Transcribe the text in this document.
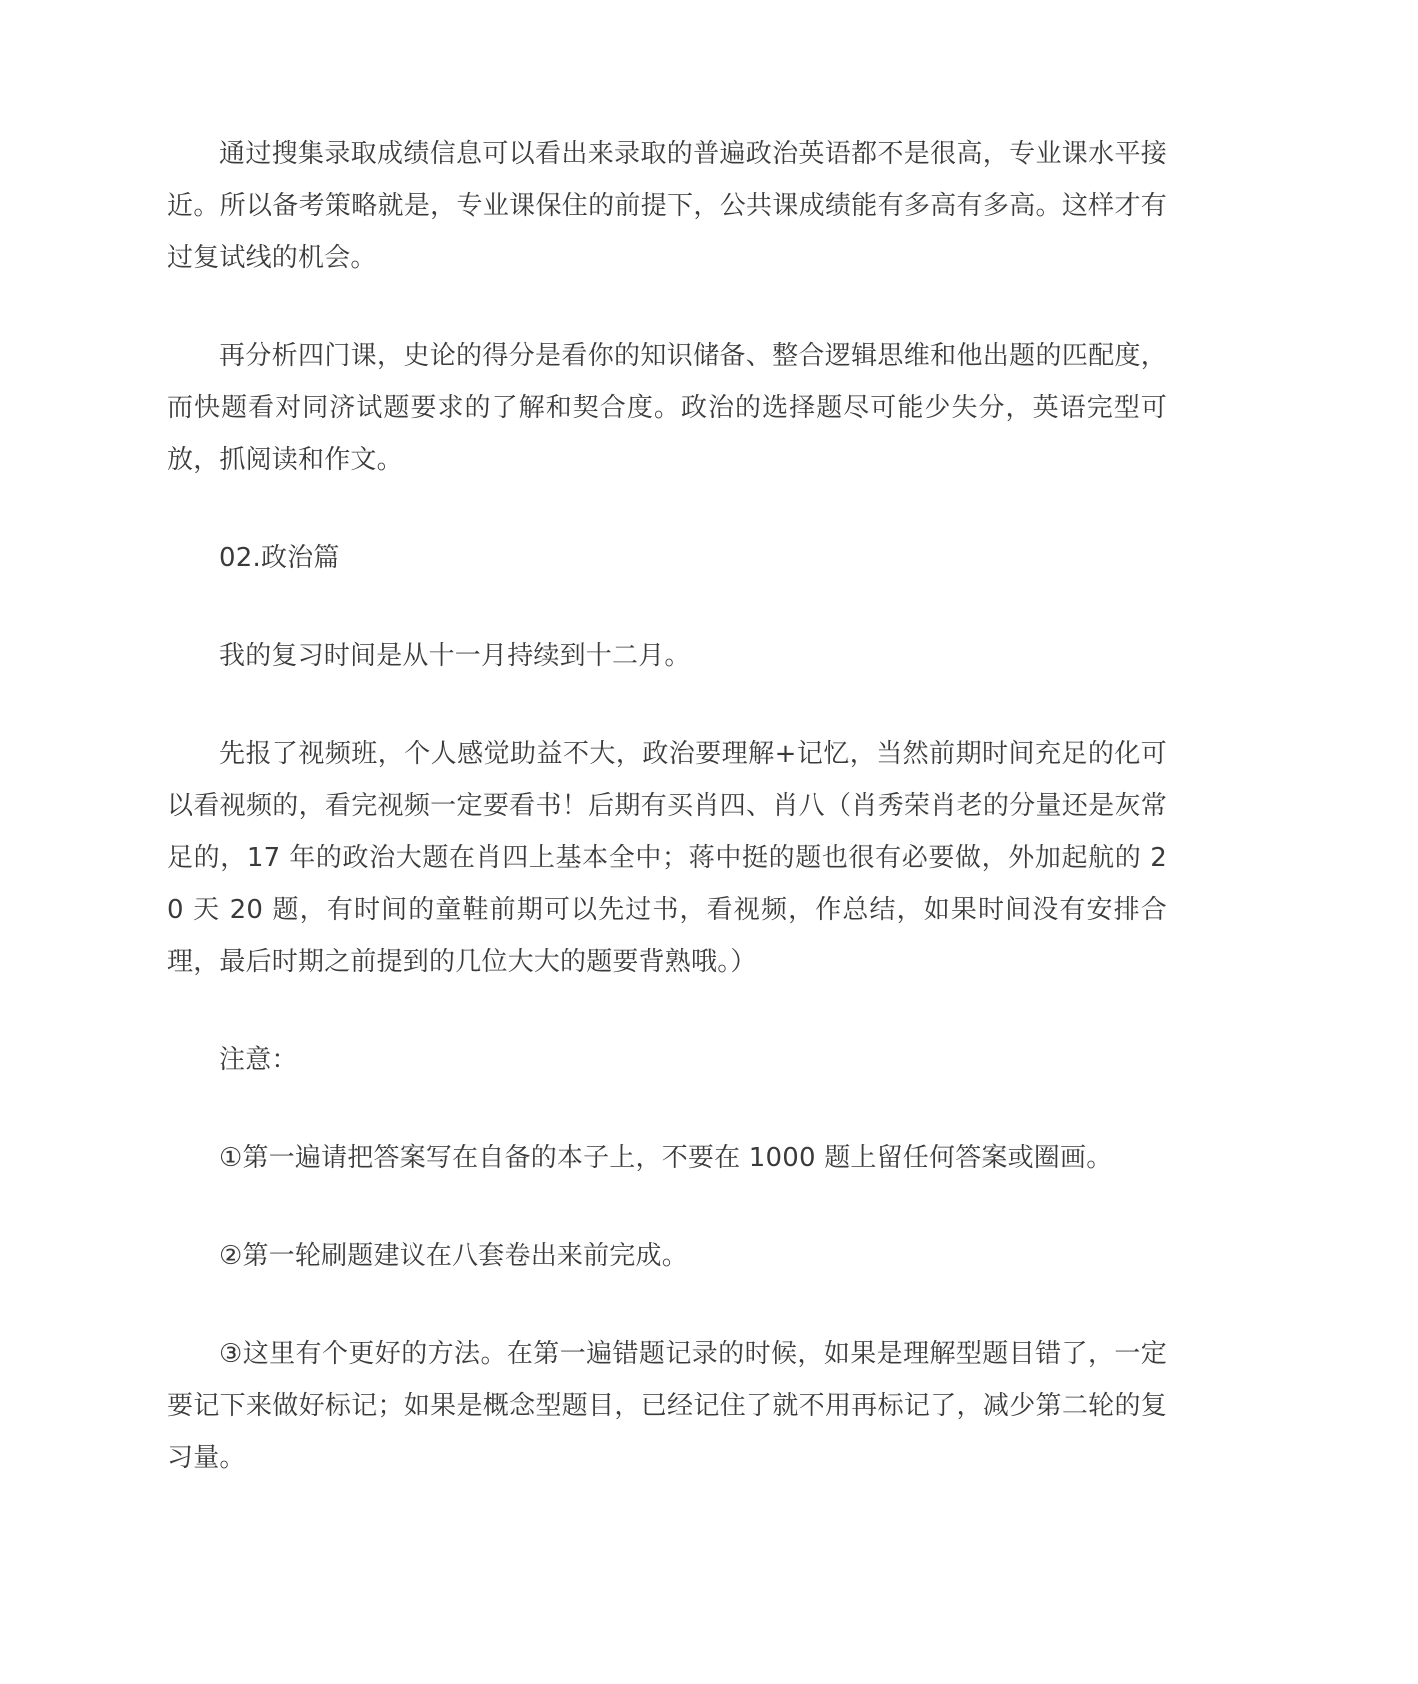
通过搜集录取成绩信息可以看出来录取的普遍政治英语都不是很高，专业课水平接近。所以备考策略就是，专业课保住的前提下，公共课成绩能有多高有多高。这样才有过复试线的机会。

再分析四门课，史论的得分是看你的知识储备、整合逻辑思维和他出题的匹配度，而快题看对同济试题要求的了解和契合度。政治的选择题尽可能少失分，英语完型可放，抓阅读和作文。

02.政治篇

我的复习时间是从十一月持续到十二月。

先报了视频班，个人感觉助益不大，政治要理解+记忆，当然前期时间充足的化可以看视频的，看完视频一定要看书！后期有买肖四、肖八（肖秀荣肖老的分量还是灰常足的，17 年的政治大题在肖四上基本全中；蒋中挺的题也很有必要做，外加起航的 20 天 20 题，有时间的童鞋前期可以先过书，看视频，作总结，如果时间没有安排合理，最后时期之前提到的几位大大的题要背熟哦。）

注意：

①第一遍请把答案写在自备的本子上，不要在 1000 题上留任何答案或圈画。

②第一轮刷题建议在八套卷出来前完成。

③这里有个更好的方法。在第一遍错题记录的时候，如果是理解型题目错了，一定要记下来做好标记；如果是概念型题目，已经记住了就不用再标记了，减少第二轮的复习量。
